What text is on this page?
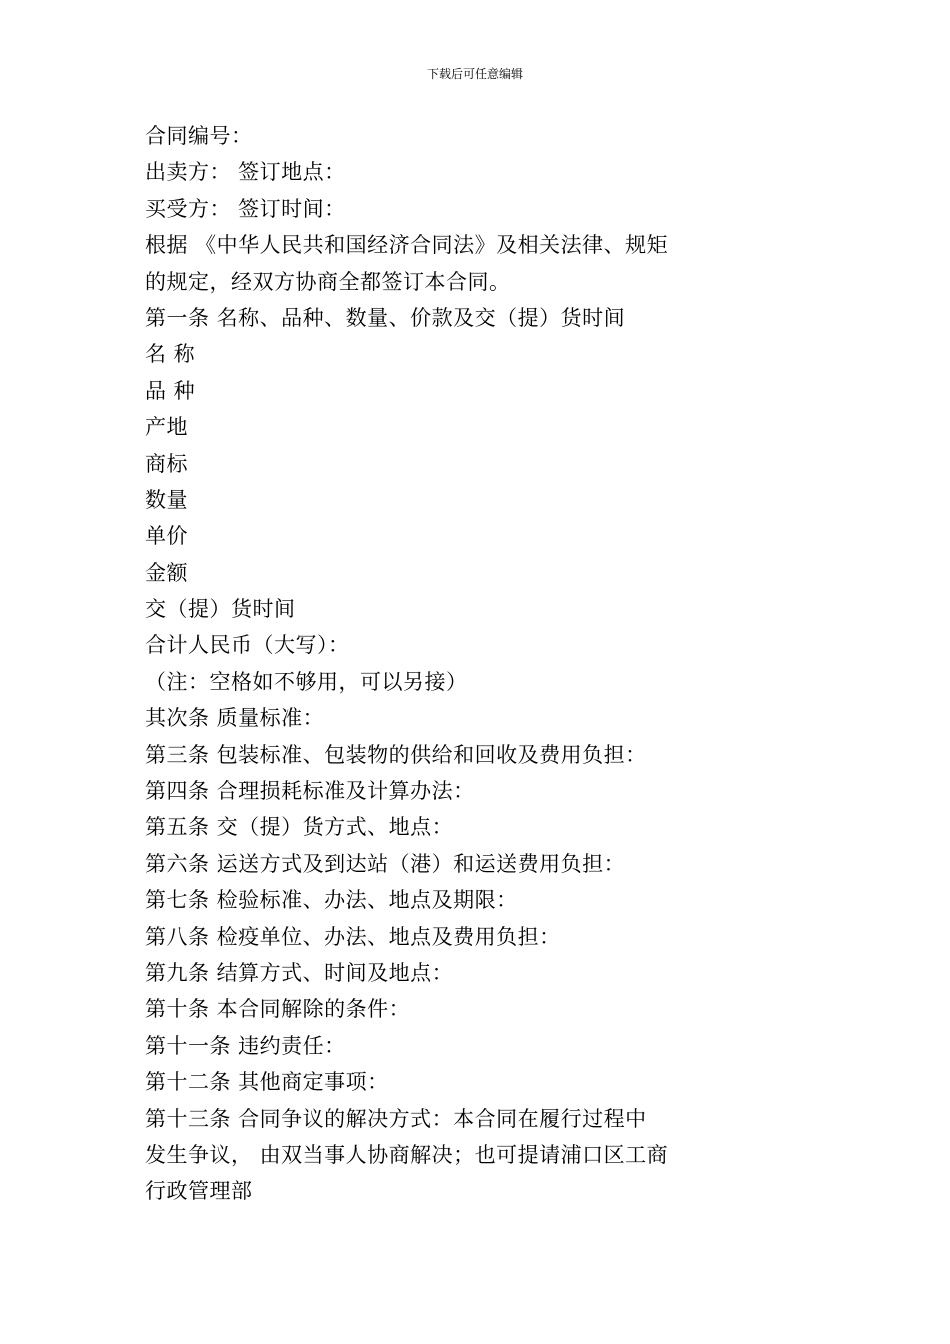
下载后可任意编辑
合同编号：
出卖方： 签订地点：
买受方： 签订时间：
根据 《中华人民共和国经济合同法》及相关法律、规矩
的规定，经双方协商全都签订本合同。
第一条 名称、品种、数量、价款及交（提）货时间
名 称
品 种
产地
商标
数量
单价
金额
交（提）货时间
合计人民币（大写）：
（注：空格如不够用，可以另接）
其次条 质量标准：
第三条 包装标准、包装物的供给和回收及费用负担：
第四条 合理损耗标准及计算办法：
第五条 交（提）货方式、地点：
第六条 运送方式及到达站（港）和运送费用负担：
第七条 检验标准、办法、地点及期限：
第八条 检疫单位、办法、地点及费用负担：
第九条 结算方式、时间及地点：
第十条 本合同解除的条件：
第十一条 违约责任：
第十二条 其他商定事项：
第十三条 合同争议的解决方式：本合同在履行过程中
发生争议， 由双当事人协商解决；也可提请浦口区工商
行政管理部
